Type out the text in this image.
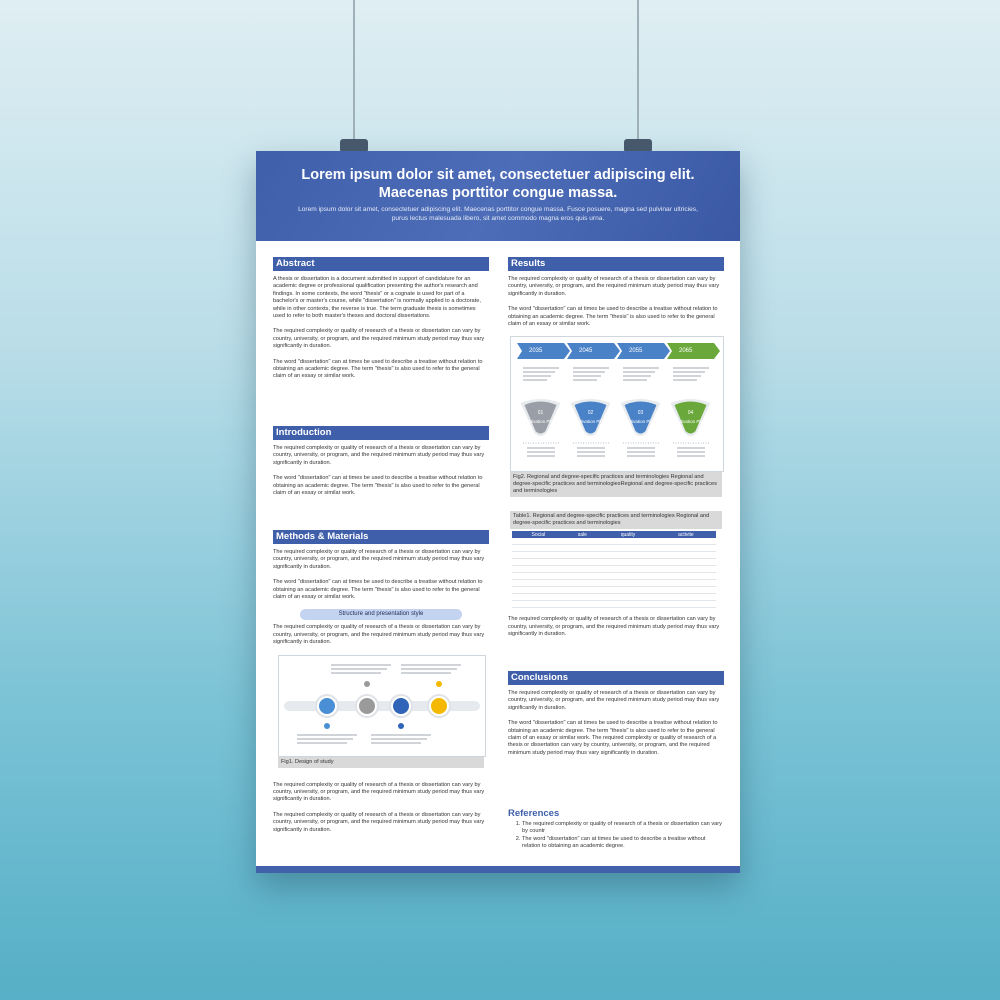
Lorem ipsum dolor sit amet, consectetuer adipiscing elit. Maecenas porttitor congue massa.
Lorem ipsum dolor sit amet, consectetuer adipiscing elit. Maecenas porttitor congue massa. Fusce posuere, magna sed pulvinar ultricies, purus lectus malesuada libero, sit amet commodo magna eros quis urna.
Abstract

A thesis or dissertation is a document submitted in support of candidature for an academic degree or professional qualification presenting the author's research and findings. In some contexts, the word "thesis" or a cognate is used for part of a bachelor's or master's course, while "dissertation" is normally applied to a doctorate, while in other contexts, the reverse is true. The term graduate thesis is sometimes used to refer to both master's theses and doctoral dissertations.

The required complexity or quality of research of a thesis or dissertation can vary by country, university, or program, and the required minimum study period may thus vary significantly in duration.

The word "dissertation" can at times be used to describe a treatise without relation to obtaining an academic degree. The term "thesis" is also used to refer to the general claim of an essay or similar work.

Introduction

The required complexity or quality of research of a thesis or dissertation can vary by country, university, or program, and the required minimum study period may thus vary significantly in duration.

The word "dissertation" can at times be used to describe a treatise without relation to obtaining an academic degree. The term "thesis" is also used to refer to the general claim of an essay or similar work.

Methods & Materials

The required complexity or quality of research of a thesis or dissertation can vary by country, university, or program, and the required minimum study period may thus vary significantly in duration.

The word "dissertation" can at times be used to describe a treatise without relation to obtaining an academic degree. The term "thesis" is also used to refer to the general claim of an essay or similar work.

Structure and presentation style

The required complexity or quality of research of a thesis or dissertation can vary by country, university, or program, and the required minimum study period may thus vary significantly in duration.

Fig1. Design of study

The required complexity or quality of research of a thesis or dissertation can vary by country, university, or program, and the required minimum study period may thus vary significantly in duration.

The required complexity or quality of research of a thesis or dissertation can vary by country, university, or program, and the required minimum study period may thus vary significantly in duration.

Results

The required complexity or quality of research of a thesis or dissertation can vary by country, university, or program, and the required minimum study period may thus vary significantly in duration.

The word "dissertation" can at times be used to describe a treatise without relation to obtaining an academic degree. The term "thesis" is also used to refer to the general claim of an essay or similar work.

2035
01
Activation Plan
2045
02
Activation Plan
2055
03
Activation Plan
2065
04
Activation Plan
Fig2. Regional and degree-specific practices and terminologies Regional and degree-specific practices and terminologiesRegional and degree-specific practices and terminologies
Table1. Regional and degree-specific practices and terminologies Regional and degree-specific practices and terminologies
	Social	sale	quality	activite

The required complexity or quality of research of a thesis or dissertation can vary by country, university, or program, and the required minimum study period may thus vary significantly in duration.

Conclusions

The required complexity or quality of research of a thesis or dissertation can vary by country, university, or program, and the required minimum study period may thus vary significantly in duration.

The word "dissertation" can at times be used to describe a treatise without relation to obtaining an academic degree. The term "thesis" is also used to refer to the general claim of an essay or similar work. The required complexity or quality of research of a thesis or dissertation can vary by country, university, or program, and the required minimum study period may thus vary significantly in duration.

References
1. The required complexity or quality of research of a thesis or dissertation can vary by countr
2. The word "dissertation" can at times be used to describe a treatise without relation to obtaining an academic degree.
